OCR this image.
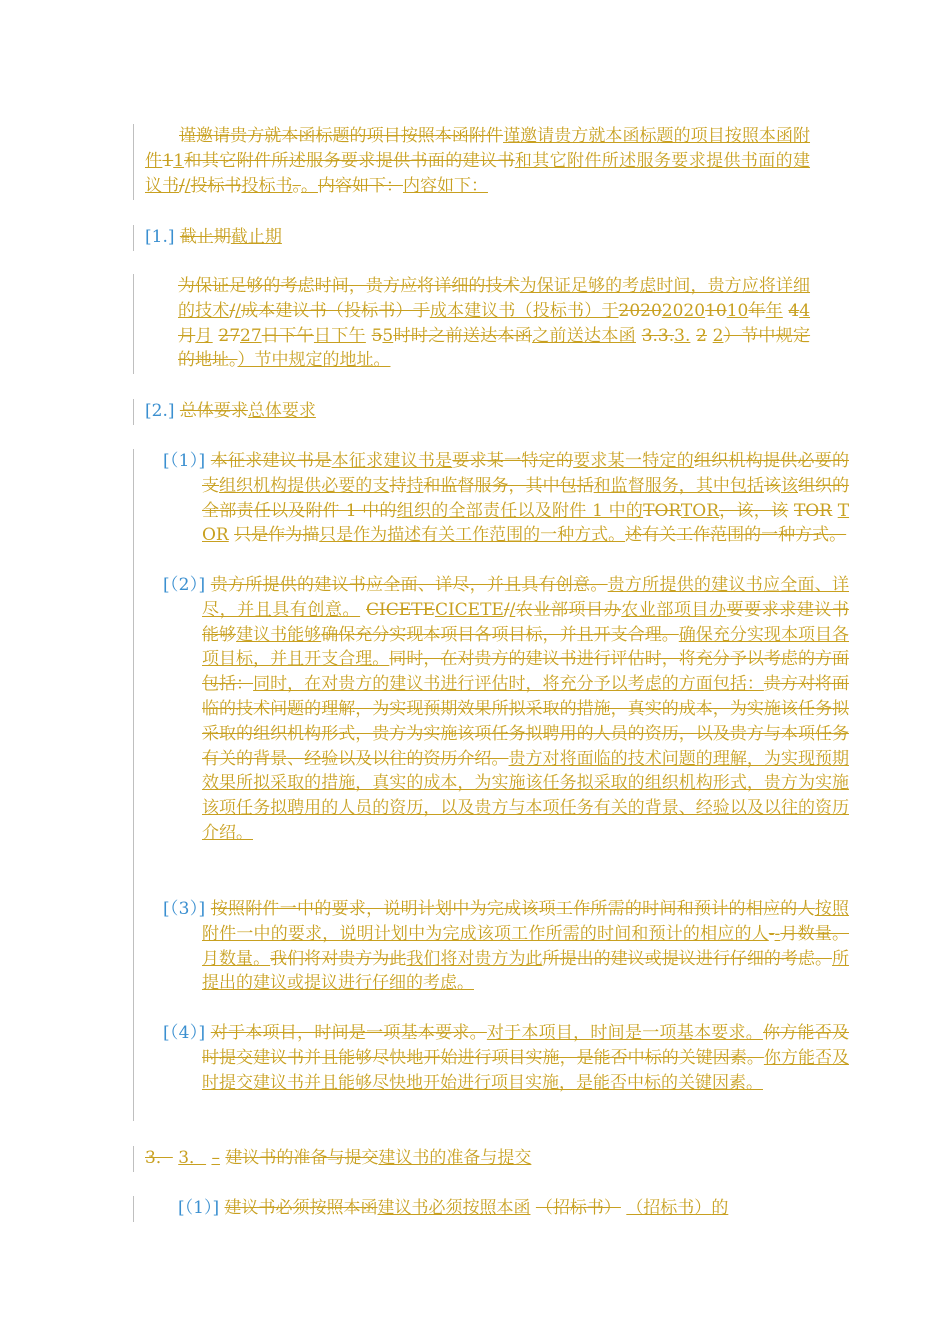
谨邀请贵方就本函标题的项目按照本函附件谨邀请贵方就本函标题的项目按照本函附件11和其它附件所述服务要求提供书面的建议书和其它附件所述服务要求提供书面的建议书//投标书投标书。。内容如下：内容如下：
[1.] 截止期截止期
为保证足够的考虑时间，贵方应将详细的技术为保证足够的考虑时间，贵方应将详细的技术//成本建议书（投标书）于成本建议书（投标书）于202020201010年年 44月月 2727日下午日下午 55时时之前送达本函之前送达本函 3.3.3. 2 2）节中规定的地址。）节中规定的地址。
[2.] 总体要求总体要求
[（1）] 本征求建议书是本征求建议书是要求某一特定的要求某一特定的组织机构提供必要的支组织机构提供必要的支持持和监督服务，其中包括和监督服务，其中包括该该组织的全部责任以及附件 1 中的组织的全部责任以及附件 1 中的TORTOR，该，该 TOR TOR 只是作为描只是作为描述有关工作范围的一种方式。述有关工作范围的一种方式。
[（2）] 贵方所提供的建议书应全面、详尽，并且具有创意。贵方所提供的建议书应全面、详尽，并且具有创意。 CICETECICETE//农业部项目办农业部项目办要要求求建议书能够建议书能够确保充分实现本项目各项目标，并且开支合理。确保充分实现本项目各项目标，并且开支合理。同时，在对贵方的建议书进行评估时，将充分予以考虑的方面包括：同时，在对贵方的建议书进行评估时，将充分予以考虑的方面包括：贵方对将面临的技术问题的理解，为实现预期效果所拟采取的措施，真实的成本，为实施该任务拟采取的组织机构形式，贵方为实施该项任务拟聘用的人员的资历，以及贵方与本项任务有关的背景、经验以及以往的资历介绍。贵方对将面临的技术问题的理解，为实现预期效果所拟采取的措施，真实的成本，为实施该任务拟采取的组织机构形式，贵方为实施该项任务拟聘用的人员的资历，以及贵方与本项任务有关的背景、经验以及以往的资历介绍。
[（3）] 按照附件一中的要求，说明计划中为完成该项工作所需的时间和预计的相应的人按照附件一中的要求，说明计划中为完成该项工作所需的时间和预计的相应的人--月数量。月数量。我们将对贵方为此我们将对贵方为此所提出的建议或提议进行仔细的考虑。所提出的建议或提议进行仔细的考虑。
[（4）] 对于本项目，时间是一项基本要求。对于本项目，时间是一项基本要求。你方能否及时提交建议书并且能够尽快地开始进行项目实施，是能否中标的关键因素。你方能否及时提交建议书并且能够尽快地开始进行项目实施，是能否中标的关键因素。
3． 3． – 建议书的准备与提交建议书的准备与提交
[（1）] 建议书必须按照本函建议书必须按照本函 （招标书） （招标书）的
